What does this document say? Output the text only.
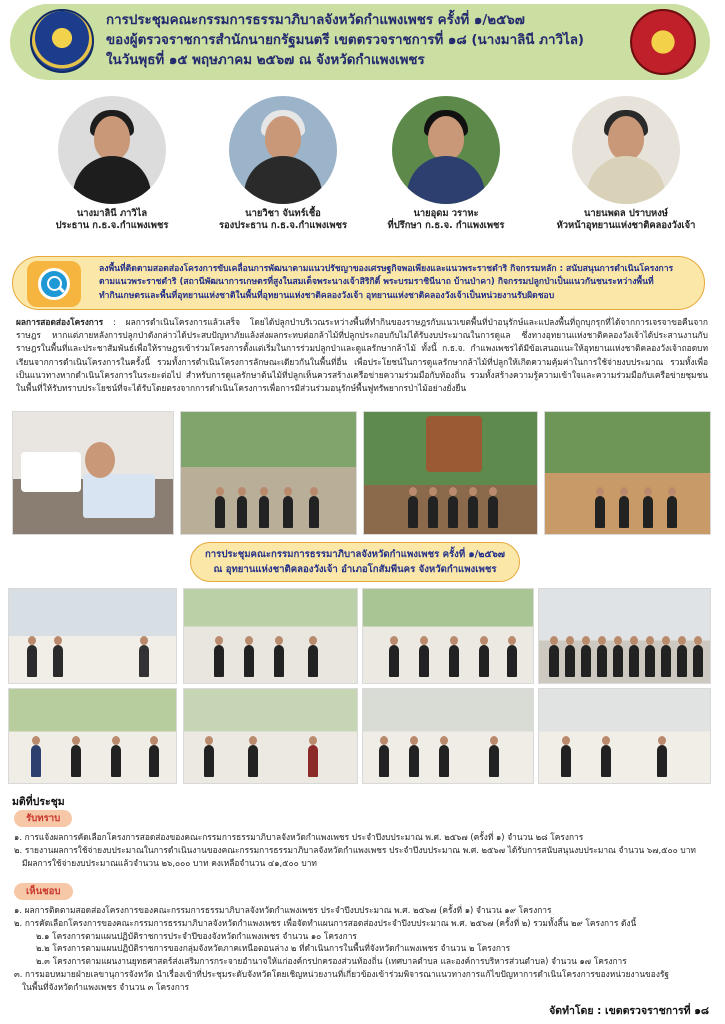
การประชุมคณะกรรมการธรรมาภิบาลจังหวัดกำแพงเพชร ครั้งที่ ๑/๒๕๖๗
ของผู้ตรวจราชการสำนักนายกรัฐมนตรี เขตตรวจราชการที่ ๑๘ (นางมาลินี ภาวิไล)
ในวันพุธที่ ๑๕ พฤษภาคม ๒๕๖๗ ณ จังหวัดกำแพงเพชร
นางมาลินี ภาวิไล
ประธาน ก.ธ.จ.กำแพงเพชร
นายวิชา จันทร์เชื้อ
รองประธาน ก.ธ.จ.กำแพงเพชร
นายอุดม วราหะ
ที่ปรึกษา ก.ธ.จ. กำแพงเพชร
นายนพดล ปราบหงษ์
หัวหน้าอุทยานแห่งชาติคลองวังเจ้า
ลงพื้นที่ติดตามสอดส่องโครงการขับเคลื่อนการพัฒนาตามแนวปรัชญาของเศรษฐกิจพอเพียงและแนวพระราชดำริ กิจกรรมหลัก : สนับสนุนการดำเนินโครงการ
ตามแนวพระราชดำริ (สถานีพัฒนาการเกษตรที่สูงในสมเด็จพระนางเจ้าสิริกิติ์ พระบรมราชินีนาถ บ้านป่าคา) กิจกรรมปลูกป่าเป็นแนวกันชนระหว่างพื้นที่
ทำกินเกษตรและพื้นที่อุทยานแห่งชาติในพื้นที่อุทยานแห่งชาติคลองวังเจ้า อุทยานแห่งชาติคลองวังเจ้าเป็นหน่วยงานรับผิดชอบ
ผลการสอดส่องโครงการ : ผลการดำเนินโครงการแล้วเสร็จ โดยได้ปลูกป่าบริเวณระหว่างพื้นที่ทำกินของราษฎรกับแนวเขตพื้นที่ป่าอนุรักษ์และแปลงพื้นที่ถูกบุกรุกที่ได้จากการเจรจาขอคืนจากราษฎร หากแต่ภายหลังการปลูกป่าดังกล่าวได้ประสบปัญหาภัยแล้งส่งผลกระทบต่อกล้าไม้ที่ปลูกประกอบกับไม่ได้รับงบประมาณในการดูแล ซึ่งทางอุทยานแห่งชาติคลองวังเจ้าได้ประสานงานกับราษฎรในพื้นที่และประชาสัมพันธ์เพื่อให้ราษฎรเข้าร่วมโครงการตั้งแต่เริ่มในการร่วมปลูกป่าและดูแลรักษากล้าไม้ ทั้งนี้ ก.ธ.จ. กำแพงเพชรได้มีข้อเสนอแนะให้อุทยานแห่งชาติคลองวังเจ้าถอดบทเรียนจากการดำเนินโครงการในครั้งนี้ รวมทั้งการดำเนินโครงการลักษณะเดียวกันในพื้นที่อื่น เพื่อประโยชน์ในการดูแลรักษากล้าไม้ที่ปลูกให้เกิดความคุ้มค่าในการใช้จ่ายงบประมาณ รวมทั้งเพื่อเป็นแนวทางหากดำเนินโครงการในระยะต่อไป สำหรับการดูแลรักษาต้นไม้ที่ปลูกเห็นควรสร้างเครือข่ายความร่วมมือกับท้องถิ่น รวมทั้งสร้างความรู้ความเข้าใจและความร่วมมือกับเครือข่ายชุมชนในพื้นที่ให้รับทราบประโยชน์ที่จะได้รับโดยตรงจากการดำเนินโครงการเพื่อการมีส่วนร่วมอนุรักษ์พื้นฟูทรัพยากรป่าไม้อย่างยั่งยืน
การประชุมคณะกรรมการธรรมาภิบาลจังหวัดกำแพงเพชร ครั้งที่ ๑/๒๕๖๗
ณ อุทยานแห่งชาติคลองวังเจ้า อำเภอโกสัมพีนคร จังหวัดกำแพงเพชร
มติที่ประชุม
รับทราบ
๑. การแจ้งผลการคัดเลือกโครงการสอดส่องของคณะกรรมการธรรมาภิบาลจังหวัดกำแพงเพชร ประจำปีงบประมาณ พ.ศ. ๒๕๖๗ (ครั้งที่ ๑) จำนวน ๒๘ โครงการ
๒. รายงานผลการใช้จ่ายงบประมาณในการดำเนินงานของคณะกรรมการธรรมาภิบาลจังหวัดกำแพงเพชร ประจำปีงบประมาณ พ.ศ. ๒๕๖๗ ได้รับการสนับสนุนงบประมาณ จำนวน ๖๗,๕๐๐ บาท
มีผลการใช้จ่ายงบประมาณแล้วจำนวน ๒๖,๐๐๐ บาท คงเหลือจำนวน ๔๑,๕๐๐ บาท
เห็นชอบ
๑. ผลการติดตามสอดส่องโครงการของคณะกรรมการธรรมาภิบาลจังหวัดกำแพงเพชร ประจำปีงบประมาณ พ.ศ. ๒๕๖๗ (ครั้งที่ ๑) จำนวน ๑๙ โครงการ
๒. การคัดเลือกโครงการของคณะกรรมการธรรมาภิบาลจังหวัดกำแพงเพชร เพื่อจัดทำแผนการสอดส่องประจำปีงบประมาณ พ.ศ. ๒๕๖๗ (ครั้งที่ ๒) รวมทั้งสิ้น ๒๙ โครงการ ดังนี้
๒.๑ โครงการตามแผนปฏิบัติราชการประจำปีของจังหวัดกำแพงเพชร จำนวน ๑๐ โครงการ
๒.๒ โครงการตามแผนปฏิบัติราชการของกลุ่มจังหวัดภาคเหนือตอนล่าง ๒ ที่ดำเนินการในพื้นที่จังหวัดกำแพงเพชร จำนวน ๒ โครงการ
๒.๓ โครงการตามแผนงานยุทธศาสตร์ส่งเสริมการกระจายอำนาจให้แก่องค์กรปกครองส่วนท้องถิ่น (เทศบาลตำบล และองค์การบริหารส่วนตำบล) จำนวน ๑๗ โครงการ
๓. การมอบหมายฝ่ายเลขานุการจังหวัด นำเรื่องเข้าที่ประชุมระดับจังหวัดโดยเชิญหน่วยงานที่เกี่ยวข้องเข้าร่วมพิจารณาแนวทางการแก้ไขปัญหาการดำเนินโครงการของหน่วยงานของรัฐ
ในพื้นที่จังหวัดกำแพงเพชร จำนวน ๓ โครงการ
จัดทำโดย : เขตตรวจราชการที่ ๑๘
